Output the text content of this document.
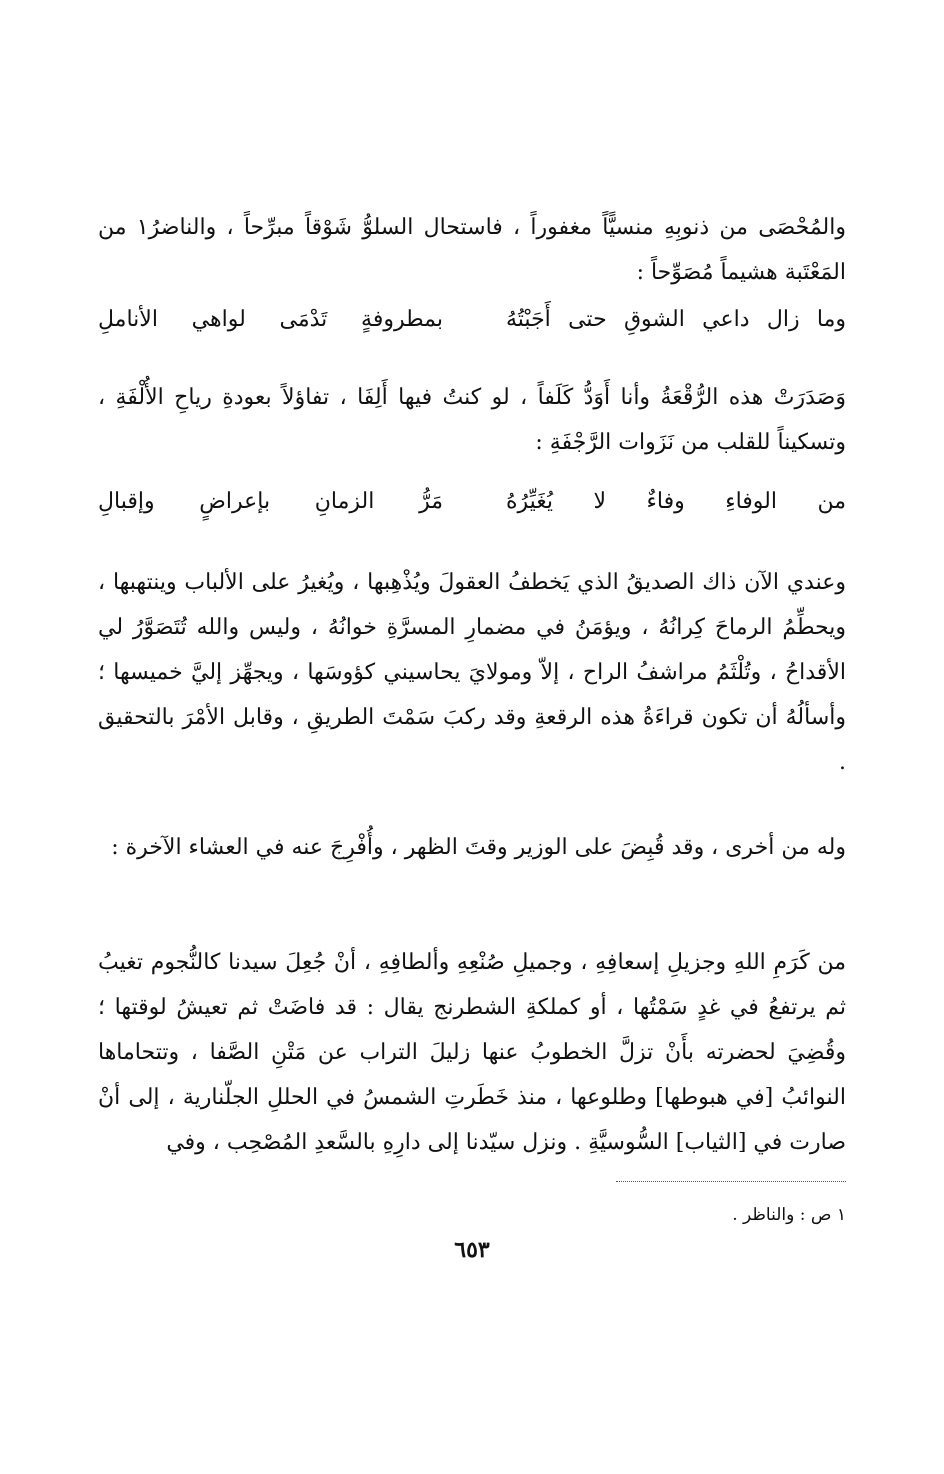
والمُحْصَى من ذنوبِهِ منسيًّاً مغفوراً ، فاستحال السلوُّ شَوْقاً مبرِّحاً ، والناضرُ١ من المَعْتَبة هشيماً مُصَوِّحاً :

وما زال داعي الشوقِ حتى أَجَبْتُهُ
بمطروفةٍ تَدْمَى لواهي الأناملِ

وَصَدَرَتْ هذه الرُّقْعَةُ وأنا أَوَدُّ كَلَفاً ، لو كنتُ فيها أَلِفَا ، تفاؤلاً بعودةِ رياحِ الأُلْفَةِ ، وتسكيناً للقلب من نَزَوات الرَّجْفَةِ :

من الوفاءِ وفاءٌ لا يُغَيِّرُهُ
مَرُّ الزمانِ بإعراضٍ وإقبالِ

وعندي الآن ذاك الصديقُ الذي يَخطفُ العقولَ ويُذْهِبها ، ويُغيرُ على الألباب وينتهبها ، ويحطِّمُ الرماحَ كِرانُهُ ، ويؤمَنُ في مضمارِ المسرَّةِ خوانُهُ ، وليس والله تُتَصَوَّرُ لي الأقداحُ ، وتُلْثَمُ مراشفُ الراح ، إلاّ ومولايَ يحاسيني كؤوسَها ، ويجهِّز إليَّ خميسها ؛ وأسألُهُ أن تكون قراءَةُ هذه الرقعةِ وقد ركبَ سَمْتَ الطريقِ ، وقابل الأمْرَ بالتحقيق .

وله من أخرى ، وقد قُبِضَ على الوزير وقتَ الظهر ، وأُفْرِجَ عنه في العشاء الآخرة :

من كَرَمِ اللهِ وجزيلِ إسعافِهِ ، وجميلِ صُنْعِهِ وألطافِهِ ، أنْ جُعِلَ سيدنا كالنُّجوم تغيبُ ثم يرتفعُ في غدٍ سَمْتُها ، أو كملكةِ الشطرنج يقال : قد فاضَتْ ثم تعيشُ لوقتها ؛ وقُضِيَ لحضرته بأَنْ تزلَّ الخطوبُ عنها زليلَ التراب عن مَتْنِ الصَّفا ، وتتحاماها النوائبُ [في هبوطها] وطلوعها ، منذ خَطَرتِ الشمسُ في الحللِ الجلّنارية ، إلى أنْ صارت في [الثياب] السُّوسيَّةِ . ونزل سيّدنا إلى دارِهِ بالسَّعدِ المُصْحِب ، وفي

١ ص : والناظر .
٦٥٣
